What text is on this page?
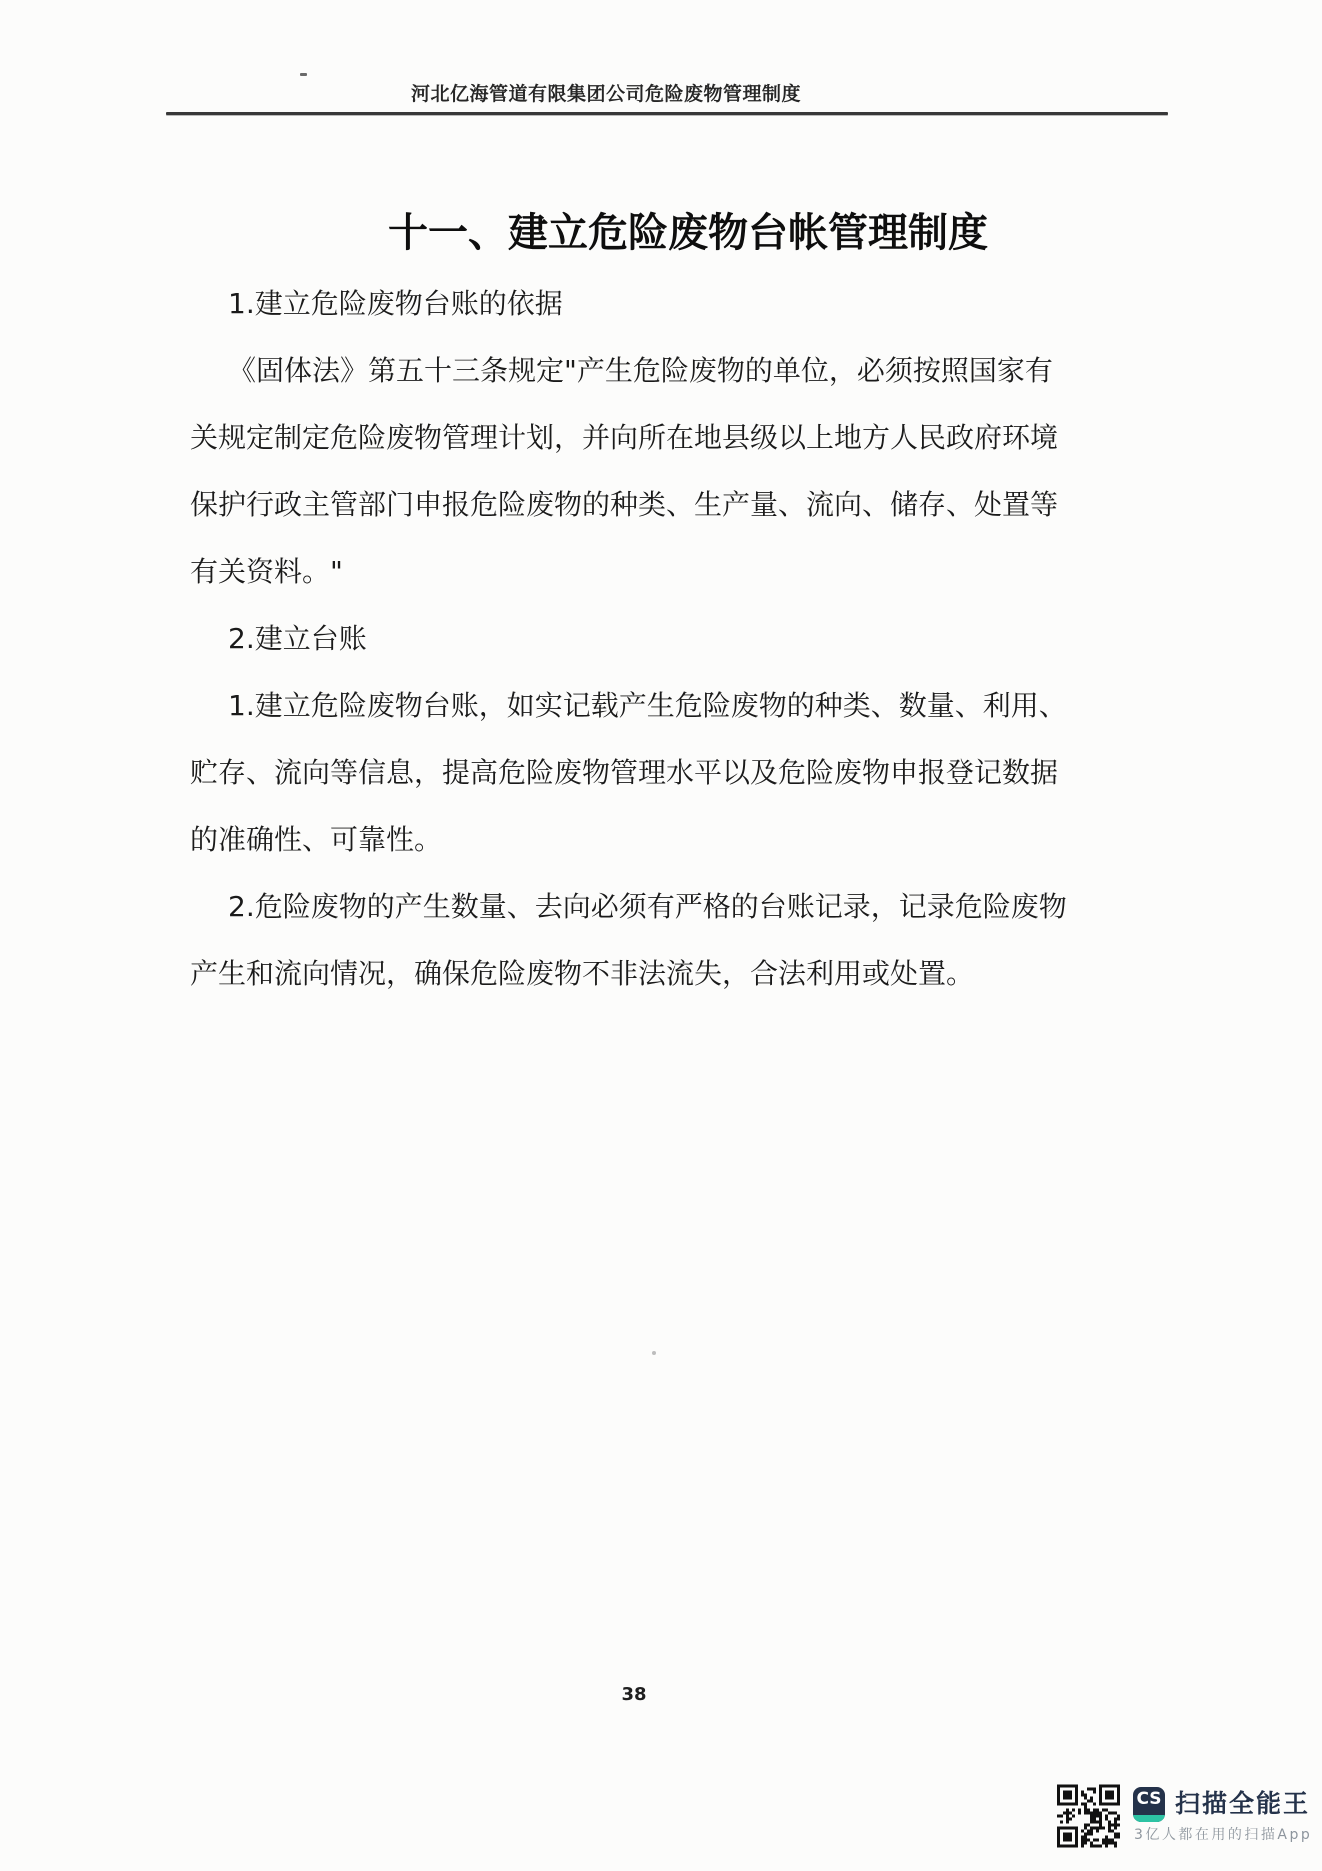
河北亿海管道有限集团公司危险废物管理制度
十一、建立危险废物台帐管理制度
1.建立危险废物台账的依据
《固体法》第五十三条规定"产生危险废物的单位，必须按照国家有
关规定制定危险废物管理计划，并向所在地县级以上地方人民政府环境
保护行政主管部门申报危险废物的种类、生产量、流向、储存、处置等
有关资料。"
2.建立台账
1.建立危险废物台账，如实记载产生危险废物的种类、数量、利用、
贮存、流向等信息，提高危险废物管理水平以及危险废物申报登记数据
的准确性、可靠性。
2.危险废物的产生数量、去向必须有严格的台账记录，记录危险废物
产生和流向情况，确保危险废物不非法流失，合法利用或处置。
38
CS 扫描全能王
3亿人都在用的扫描App
